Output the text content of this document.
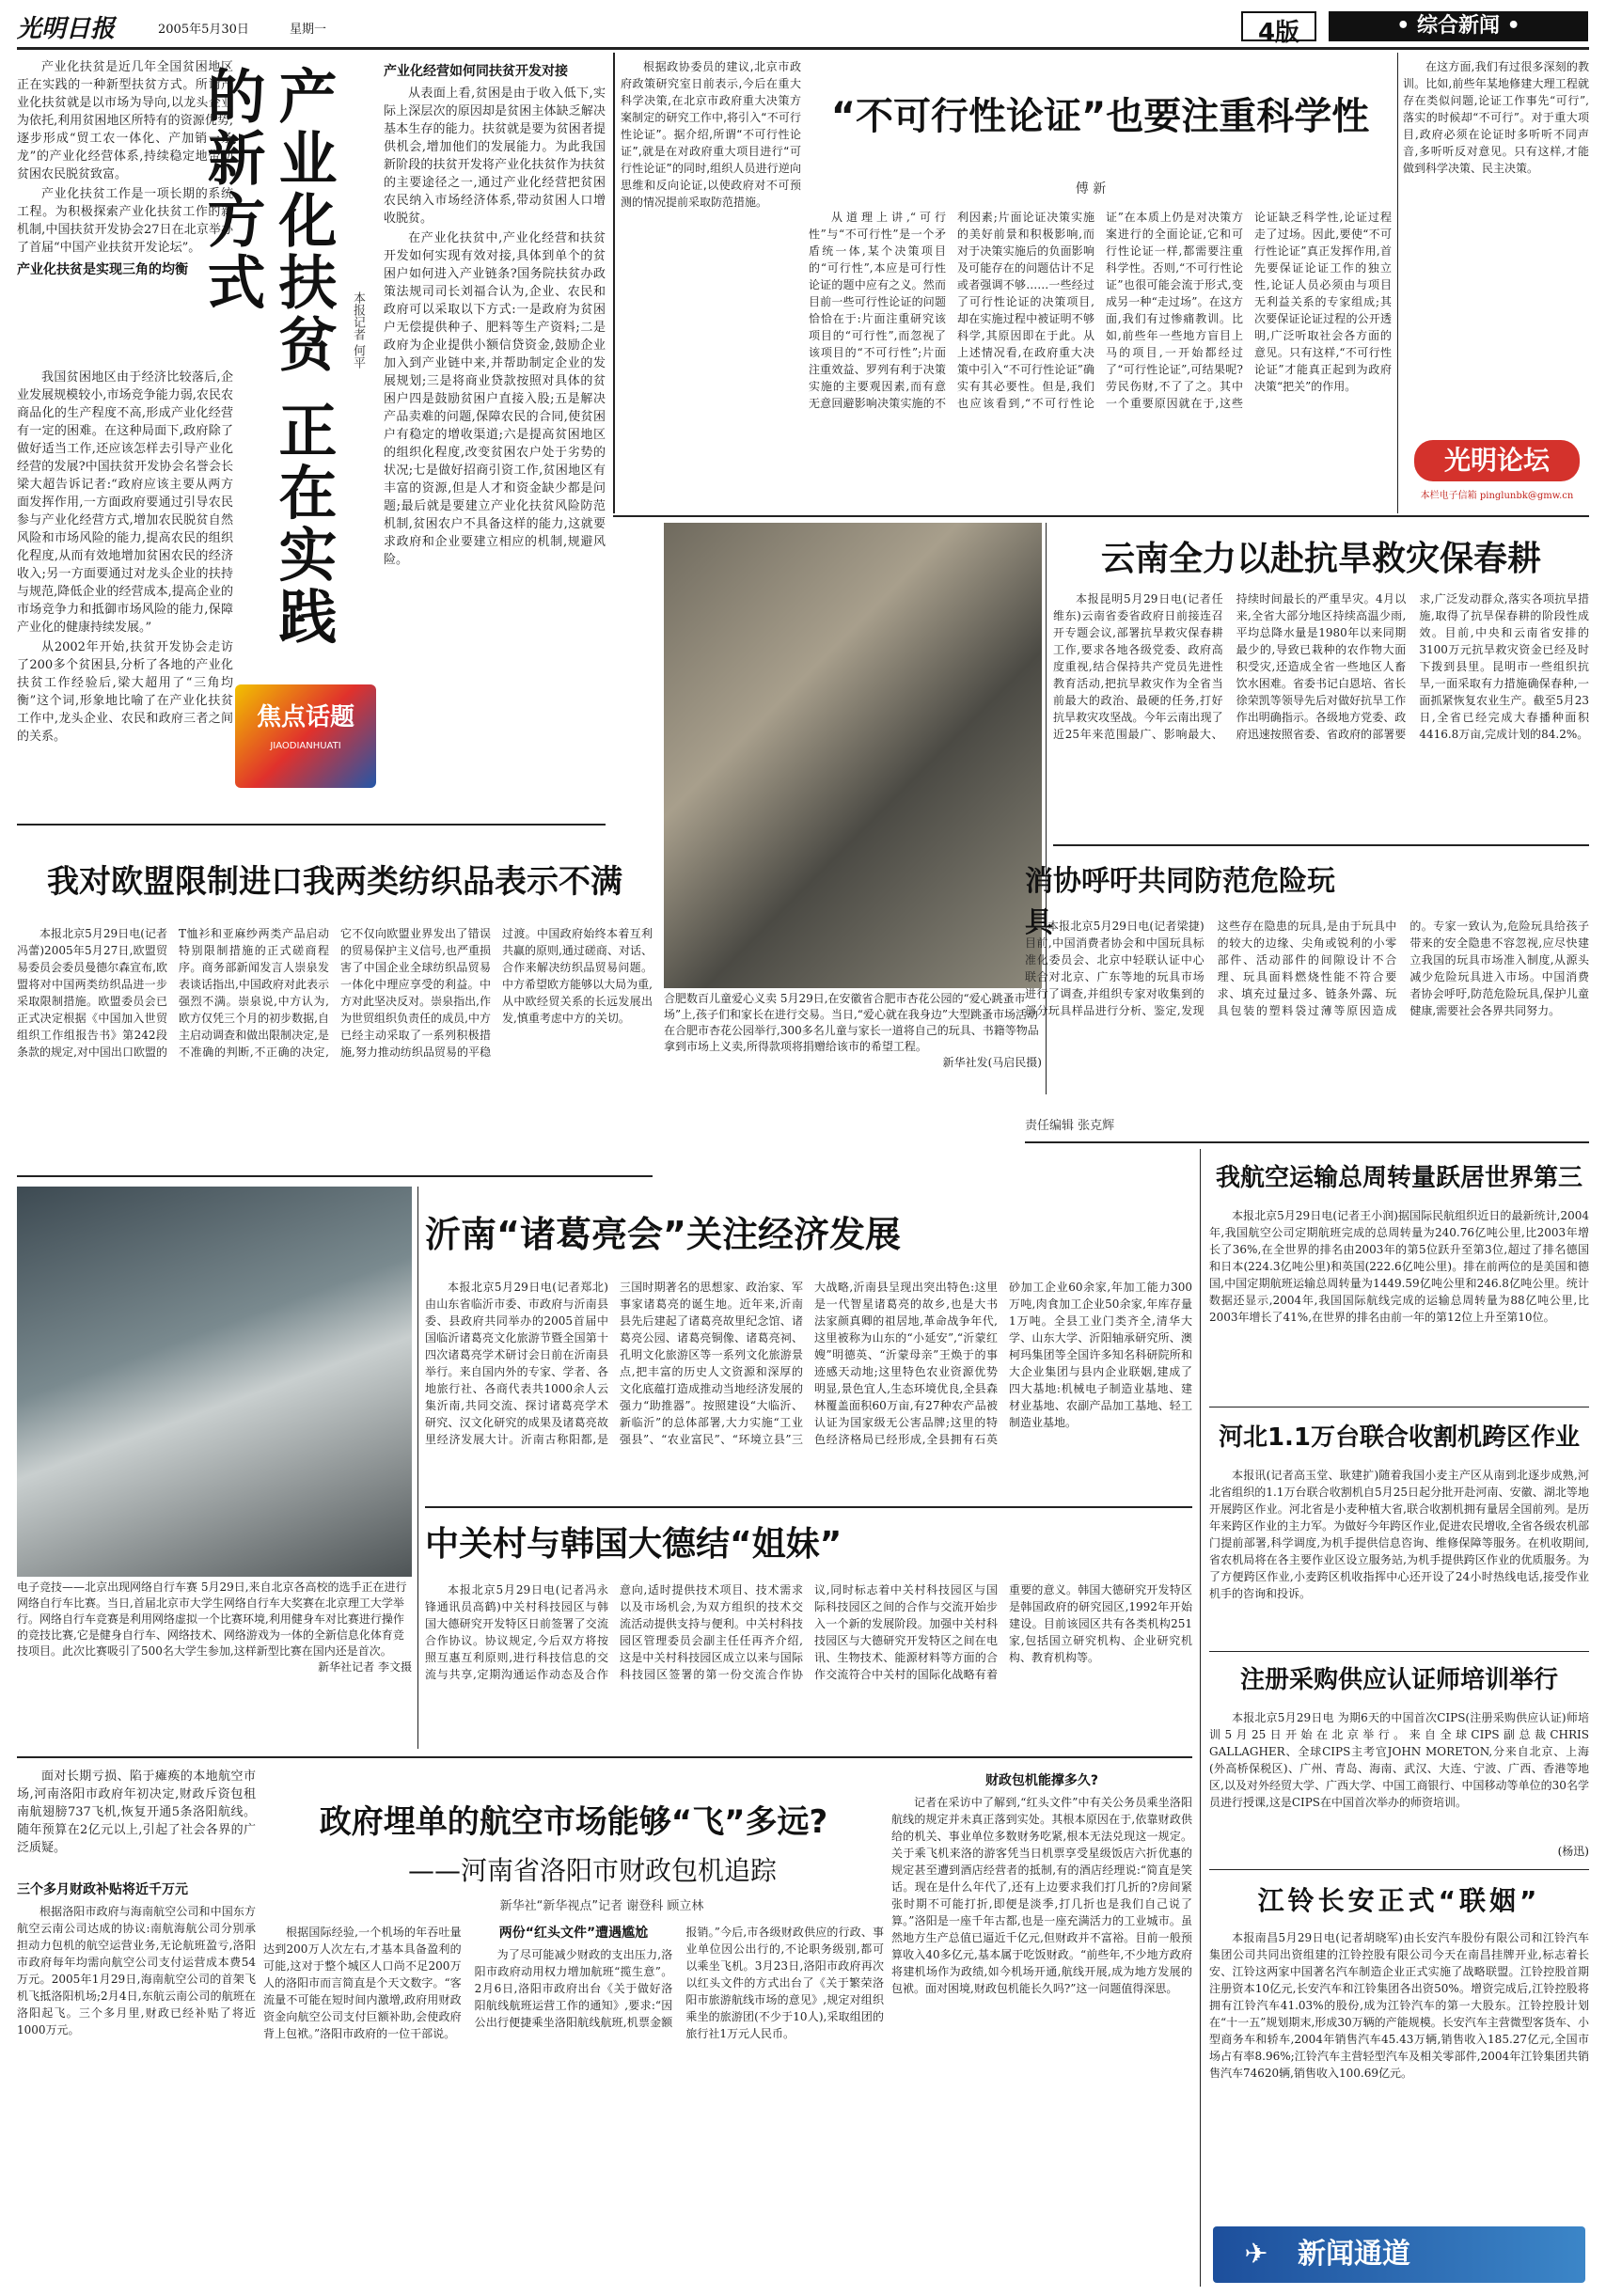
光明日报	2005年5月30日	星期一	4版	• 综合新闻 •

产业化扶贫是近几年全国贫困地区正在实践的一种新型扶贫方式。所谓产业化扶贫就是以市场为导向,以龙头企业为依托,利用贫困地区所特有的资源优势,逐步形成“贸工农一体化、产加销一条龙”的产业化经营体系,持续稳定地带动贫困农民脱贫致富。

产业化扶贫工作是一项长期的系统工程。为积极探索产业化扶贫工作的新机制,中国扶贫开发协会27日在北京举办了首届“中国产业扶贫开发论坛”。

产业化扶贫是实现三角的均衡	产业化扶贫 正在实践的新方式
本报记者 何平

我国贫困地区由于经济比较落后,企业发展规模较小,市场竞争能力弱,农民农商品化的生产程度不高,形成产业化经营有一定的困难。在这种局面下,政府除了做好适当工作,还应该怎样去引导产业化经营的发展?中国扶贫开发协会名誉会长梁大超告诉记者:“政府应该主要从两方面发挥作用,一方面政府要通过引导农民参与产业化经营方式,增加农民脱贫自然风险和市场风险的能力,提高农民的组织化程度,从而有效地增加贫困农民的经济收入;另一方面要通过对龙头企业的扶持与规范,降低企业的经营成本,提高企业的市场竞争力和抵御市场风险的能力,保障产业化的健康持续发展。”

从2002年开始,扶贫开发协会走访了200多个贫困县,分析了各地的产业化扶贫工作经验后,梁大超用了“三角均衡”这个词,形象地比喻了在产业化扶贫工作中,龙头企业、农民和政府三者之间的关系。

焦点话题
JIAODIANHUATI
产业化经营如何同扶贫开发对接

从表面上看,贫困是由于收入低下,实际上深层次的原因却是贫困主体缺乏解决基本生存的能力。扶贫就是要为贫困者提供机会,增加他们的发展能力。为此我国新阶段的扶贫开发将产业化扶贫作为扶贫的主要途径之一,通过产业化经营把贫困农民纳入市场经济体系,带动贫困人口增收脱贫。

在产业化扶贫中,产业化经营和扶贫开发如何实现有效对接,具体到单个的贫困户如何进入产业链条?国务院扶贫办政策法规司司长刘福合认为,企业、农民和政府可以采取以下方式:一是政府为贫困户无偿提供种子、肥料等生产资料;二是政府为企业提供小额信贷资金,鼓励企业加入到产业链中来,并帮助制定企业的发展规划;三是将商业贷款按照对具体的贫困户四是鼓励贫困户直接入股;五是解决产品卖难的问题,保障农民的合同,使贫困户有稳定的增收渠道;六是提高贫困地区的组织化程度,改变贫困农户处于劣势的状况;七是做好招商引资工作,贫困地区有丰富的资源,但是人才和资金缺少都是问题;最后就是要建立产业化扶贫风险防范机制,贫困农户不具备这样的能力,这就要求政府和企业要建立相应的机制,规避风险。

根据政协委员的建议,北京市政府政策研究室日前表示,今后在重大科学决策,在北京市政府重大决策方案制定的研究工作中,将引入“不可行性论证”。据介绍,所谓“不可行性论证”,就是在对政府重大项目进行“可行性论证”的同时,组织人员进行逆向思维和反向论证,以使政府对不可预测的情况提前采取防范措施。

“不可行性论证”也要注重科学性
傅 新

从道理上讲,“可行性”与“不可行性”是一个矛盾统一体,某个决策项目的“可行性”,本应是可行性论证的题中应有之义。然而目前一些可行性论证的问题恰恰在于:片面注重研究该项目的“可行性”,而忽视了该项目的“不可行性”;片面注重效益、罗列有利于决策实施的主要观因素,而有意无意回避影响决策实施的不利因素;片面论证决策实施的美好前景和积极影响,而对于决策实施后的负面影响及可能存在的问题估计不足或者强调不够……一些经过了可行性论证的决策项目,却在实施过程中被证明不够科学,其原因即在于此。从上述情况看,在政府重大决策中引入“不可行性论证”确实有其必要性。但是,我们也应该看到,“不可行性论证”在本质上仍是对决策方案进行的全面论证,它和可行性论证一样,都需要注重科学性。否则,“不可行性论证”也很可能会流于形式,变成另一种“走过场”。在这方面,我们有过惨痛教训。比如,前些年一些地方盲目上马的项目,一开始都经过了“可行性论证”,可结果呢?劳民伤财,不了了之。其中一个重要原因就在于,这些论证缺乏科学性,论证过程走了过场。因此,要使“不可行性论证”真正发挥作用,首先要保证论证工作的独立性,论证人员必须由与项目无利益关系的专家组成;其次要保证论证过程的公开透明,广泛听取社会各方面的意见。只有这样,“不可行性论证”才能真正起到为政府决策“把关”的作用。

在这方面,我们有过很多深刻的教训。比如,前些年某地修建大理工程就存在类似问题,论证工作事先“可行”,落实的时候却“不可行”。对于重大项目,政府必须在论证时多听听不同声音,多听听反对意见。只有这样,才能做到科学决策、民主决策。

光明论坛
本栏电子信箱 pinglunbk@gmw.cn
合肥数百儿童爱心义卖 5月29日,在安徽省合肥市杏花公园的“爱心跳蚤市场”上,孩子们和家长在进行交易。当日,“爱心就在我身边”大型跳蚤市场活动在合肥市杏花公园举行,300多名儿童与家长一道将自己的玩具、书籍等物品拿到市场上义卖,所得款项将捐赠给该市的希望工程。
新华社发(马启民摄)
云南全力以赴抗旱救灾保春耕

本报昆明5月29日电(记者任维东)云南省委省政府日前接连召开专题会议,部署抗旱救灾保春耕工作,要求各地各级党委、政府高度重视,结合保持共产党员先进性教育活动,把抗旱救灾作为全省当前最大的政治、最硬的任务,打好抗旱救灾攻坚战。今年云南出现了近25年来范围最广、影响最大、持续时间最长的严重旱灾。4月以来,全省大部分地区持续高温少雨,平均总降水量是1980年以来同期最少的,导致已栽种的农作物大面积受灾,还造成全省一些地区人畜饮水困难。省委书记白恩培、省长徐荣凯等领导先后对做好抗旱工作作出明确指示。各级地方党委、政府迅速按照省委、省政府的部署要求,广泛发动群众,落实各项抗旱措施,取得了抗旱保春耕的阶段性成效。目前,中央和云南省安排的3100万元抗旱救灾资金已经及时下拨到县里。昆明市一些组织抗旱,一面采取有力措施确保春种,一面抓紧恢复农业生产。截至5月23日,全省已经完成大春播种面积4416.8万亩,完成计划的84.2%。

我对欧盟限制进口我两类纺织品表示不满

本报北京5月29日电(记者冯蕾)2005年5月27日,欧盟贸易委员会委员曼德尔森宣布,欧盟将对中国两类纺织品进一步采取限制措施。欧盟委员会已正式决定根据《中国加入世贸组织工作组报告书》第242段条款的规定,对中国出口欧盟的T恤衫和亚麻纱两类产品启动特别限制措施的正式磋商程序。商务部新闻发言人崇泉发表谈话指出,中国政府对此表示强烈不满。崇泉说,中方认为,欧方仅凭三个月的初步数据,自主启动调查和做出限制决定,是不准确的判断,不正确的决定,它不仅向欧盟业界发出了错误的贸易保护主义信号,也严重损害了中国企业全球纺织品贸易一体化中理应享受的利益。中方对此坚决反对。崇泉指出,作为世贸组织负责任的成员,中方已经主动采取了一系列积极措施,努力推动纺织品贸易的平稳过渡。中国政府始终本着互利共赢的原则,通过磋商、对话、合作来解决纺织品贸易问题。中方希望欧方能够以大局为重,从中欧经贸关系的长远发展出发,慎重考虑中方的关切。

消协呼吁共同防范危险玩具

本报北京5月29日电(记者梁捷)目前,中国消费者协会和中国玩具标准化委员会、北京中轻联认证中心联合对北京、广东等地的玩具市场进行了调查,并组织专家对收集到的部分玩具样品进行分析、鉴定,发现这些存在隐患的玩具,是由于玩具中的较大的边缘、尖角或锐利的小零部件、活动部件的间隙设计不合理、玩具面料燃烧性能不符合要求、填充过量过多、链条外露、玩具包装的塑料袋过薄等原因造成的。专家一致认为,危险玩具给孩子带来的安全隐患不容忽视,应尽快建立我国的玩具市场准入制度,从源头减少危险玩具进入市场。中国消费者协会呼吁,防范危险玩具,保护儿童健康,需要社会各界共同努力。

责任编辑 张克辉
我航空运输总周转量跃居世界第三

本报北京5月29日电(记者王小润)据国际民航组织近日的最新统计,2004年,我国航空公司定期航班完成的总周转量为240.76亿吨公里,比2003年增长了36%,在全世界的排名由2003年的第5位跃升至第3位,超过了排名德国和日本(224.3亿吨公里)和英国(222.6亿吨公里)。排在前两位的是美国和德国,中国定期航班运输总周转量为1449.59亿吨公里和246.8亿吨公里。统计数据还显示,2004年,我国国际航线完成的运输总周转量为88亿吨公里,比2003年增长了41%,在世界的排名由前一年的第12位上升至第10位。

电子竞技——北京出现网络自行车赛 5月29日,来自北京各高校的选手正在进行网络自行车比赛。当日,首届北京市大学生网络自行车大奖赛在北京理工大学举行。网络自行车竞赛是利用网络虚拟一个比赛环境,利用健身车对比赛进行操作的竞技比赛,它是健身自行车、网络技术、网络游戏为一体的全新信息化体育竞技项目。此次比赛吸引了500名大学生参加,这样新型比赛在国内还是首次。
新华社记者 李文摄
沂南“诸葛亮会”关注经济发展

本报北京5月29日电(记者郑北)由山东省临沂市委、市政府与沂南县委、县政府共同举办的2005首届中国临沂诸葛亮文化旅游节暨全国第十四次诸葛亮学术研讨会日前在沂南县举行。来自国内外的专家、学者、各地旅行社、各商代表共1000余人云集沂南,共同交流、探讨诸葛亮学术研究、汉文化研究的成果及诸葛亮故里经济发展大计。沂南古称阳都,是三国时期著名的思想家、政治家、军事家诸葛亮的诞生地。近年来,沂南县先后建起了诸葛亮故里纪念馆、诸葛亮公园、诸葛亮铜像、诸葛亮祠、孔明文化旅游区等一系列文化旅游景点,把丰富的历史人文资源和深厚的文化底蕴打造成推动当地经济发展的强力“助推器”。按照建设“大临沂、新临沂”的总体部署,大力实施“工业强县”、“农业富民”、“环境立县”三大战略,沂南县呈现出突出特色:这里是一代智星诸葛亮的故乡,也是大书法家颜真卿的祖居地,革命战争年代,这里被称为山东的“小延安”,“沂蒙红嫂”明德英、“沂蒙母亲”王焕于的事迹感天动地;这里特色农业资源优势明显,景色宜人,生态环境优良,全县森林覆盖面积60万亩,有27种农产品被认证为国家级无公害品牌;这里的特色经济格局已经形成,全县拥有石英砂加工企业60余家,年加工能力300万吨,肉食加工企业50余家,年库存量1万吨。全县工业门类齐全,清华大学、山东大学、沂阳轴承研究所、澳柯玛集团等全国许多知名科研院所和大企业集团与县内企业联姻,建成了四大基地:机械电子制造业基地、建材业基地、农副产品加工基地、轻工制造业基地。

河北1.1万台联合收割机跨区作业

本报讯(记者高玉堂、耿建扩)随着我国小麦主产区从南到北逐步成熟,河北省组织的1.1万台联合收割机自5月25日起分批开赴河南、安徽、湖北等地开展跨区作业。河北省是小麦种植大省,联合收割机拥有量居全国前列。是历年来跨区作业的主力军。为做好今年跨区作业,促进农民增收,全省各级农机部门提前部署,科学调度,为机手提供信息咨询、维修保障等服务。在机收期间,省农机局将在各主要作业区设立服务站,为机手提供跨区作业的优质服务。为了方便跨区作业,小麦跨区机收指挥中心还开设了24小时热线电话,接受作业机手的咨询和投诉。

中关村与韩国大德结“姐妹”

本报北京5月29日电(记者冯永锋通讯员高鹤)中关村科技园区与韩国大德研究开发特区日前签署了交流合作协议。协议规定,今后双方将按照互惠互利原则,进行科技信息的交流与共享,定期沟通运作动态及合作意向,适时提供技术项目、技术需求以及市场机会,为双方组织的技术交流活动提供支持与便利。中关村科技园区管理委员会副主任任再齐介绍,这是中关村科技园区成立以来与国际科技园区签署的第一份交流合作协议,同时标志着中关村科技园区与国际科技园区之间的合作与交流开始步入一个新的发展阶段。加强中关村科技园区与大德研究开发特区之间在电讯、生物技术、能源材料等方面的合作交流符合中关村的国际化战略有着重要的意义。韩国大德研究开发特区是韩国政府的研究园区,1992年开始建设。目前该园区共有各类机构251家,包括国立研究机构、企业研究机构、教育机构等。

注册采购供应认证师培训举行

本报北京5月29日电 为期6天的中国首次CIPS(注册采购供应认证)师培训5月25日开始在北京举行。来自全球CIPS副总裁CHRIS GALLAGHER、全球CIPS主考官JOHN MORETON,分来自北京、上海(外高桥保税区)、广州、青岛、海南、武汉、大连、宁波、广西、香港等地区,以及对外经贸大学、广西大学、中国工商银行、中国移动等单位的30名学员进行授课,这是CIPS在中国首次举办的师资培训。

(杨迅)
江铃长安正式“联姻”

本报南昌5月29日电(记者胡晓军)由长安汽车股份有限公司和江铃汽车集团公司共同出资组建的江铃控股有限公司今天在南昌挂牌开业,标志着长安、江铃这两家中国著名汽车制造企业正式实施了战略联盟。江铃控股首期注册资本10亿元,长安汽车和江铃集团各出资50%。增资完成后,江铃控股将拥有江铃汽车41.03%的股份,成为江铃汽车的第一大股东。江铃控股计划在“十一五”规划期末,形成30万辆的产能规模。长安汽车主营微型客货车、小型商务车和轿车,2004年销售汽车45.43万辆,销售收入185.27亿元,全国市场占有率8.96%;江铃汽车主营轻型汽车及相关零部件,2004年江铃集团共销售汽车74620辆,销售收入100.69亿元。

新闻通道
✈

面对长期亏损、陷于瘫痪的本地航空市场,河南洛阳市政府年初决定,财政斥资包租南航翅膀737飞机,恢复开通5条洛阳航线。随年预算在2亿元以上,引起了社会各界的广泛质疑。

政府埋单的航空市场能够“飞”多远?
——河南省洛阳市财政包机追踪
新华社“新华视点”记者 谢登科 顾立林
三个多月财政补贴将近千万元

根据洛阳市政府与海南航空公司和中国东方航空云南公司达成的协议:南航海航公司分别承担动力包机的航空运营业务,无论航班盈亏,洛阳市政府每年均需向航空公司支付运营成本费54万元。2005年1月29日,海南航空公司的首架飞机飞抵洛阳机场;2月4日,东航云南公司的航班在洛阳起飞。三个多月里,财政已经补贴了将近1000万元。

根据国际经验,一个机场的年吞吐量达到200万人次左右,才基本具备盈利的可能,这对于整个城区人口尚不足200万人的洛阳市而言简直是个天文数字。“客流量不可能在短时间内激增,政府用财政资金向航空公司支付巨额补助,会使政府背上包袱。”洛阳市政府的一位干部说。

两份“红头文件”遭遇尴尬

为了尽可能减少财政的支出压力,洛阳市政府动用权力增加航班“揽生意”。2月6日,洛阳市政府出台《关于做好洛阳航线航班运营工作的通知》,要求:“因公出行便捷乘坐洛阳航线航班,机票金额报销。”今后,市各级财政供应的行政、事业单位因公出行的,不论职务级别,都可以乘坐飞机。3月23日,洛阳市政府再次以红头文件的方式出台了《关于繁荣洛阳市旅游航线市场的意见》,规定对组织乘坐的旅游团(不少于10人),采取组团的旅行社1万元人民币。

财政包机能撑多久?

记者在采访中了解到,“红头文件”中有关公务员乘坐洛阳航线的规定并未真正落到实处。其根本原因在于,依靠财政供给的机关、事业单位多数财务吃紧,根本无法兑现这一规定。关于乘飞机来洛的游客凭当日机票享受星级饭店六折优惠的规定甚至遭到酒店经营者的抵制,有的酒店经理说:“简直是笑话。现在是什么年代了,还有上边要求我们打几折的?房间紧张时期不可能打折,即便是淡季,打几折也是我们自己说了算。”洛阳是一座千年古都,也是一座充满活力的工业城市。虽然地方生产总值已逼近千亿元,但财政并不富裕。目前一般预算收入40多亿元,基本属于吃饭财政。“前些年,不少地方政府将建机场作为政绩,如今机场开通,航线开展,成为地方发展的包袱。面对困境,财政包机能长久吗?”这一问题值得深思。
